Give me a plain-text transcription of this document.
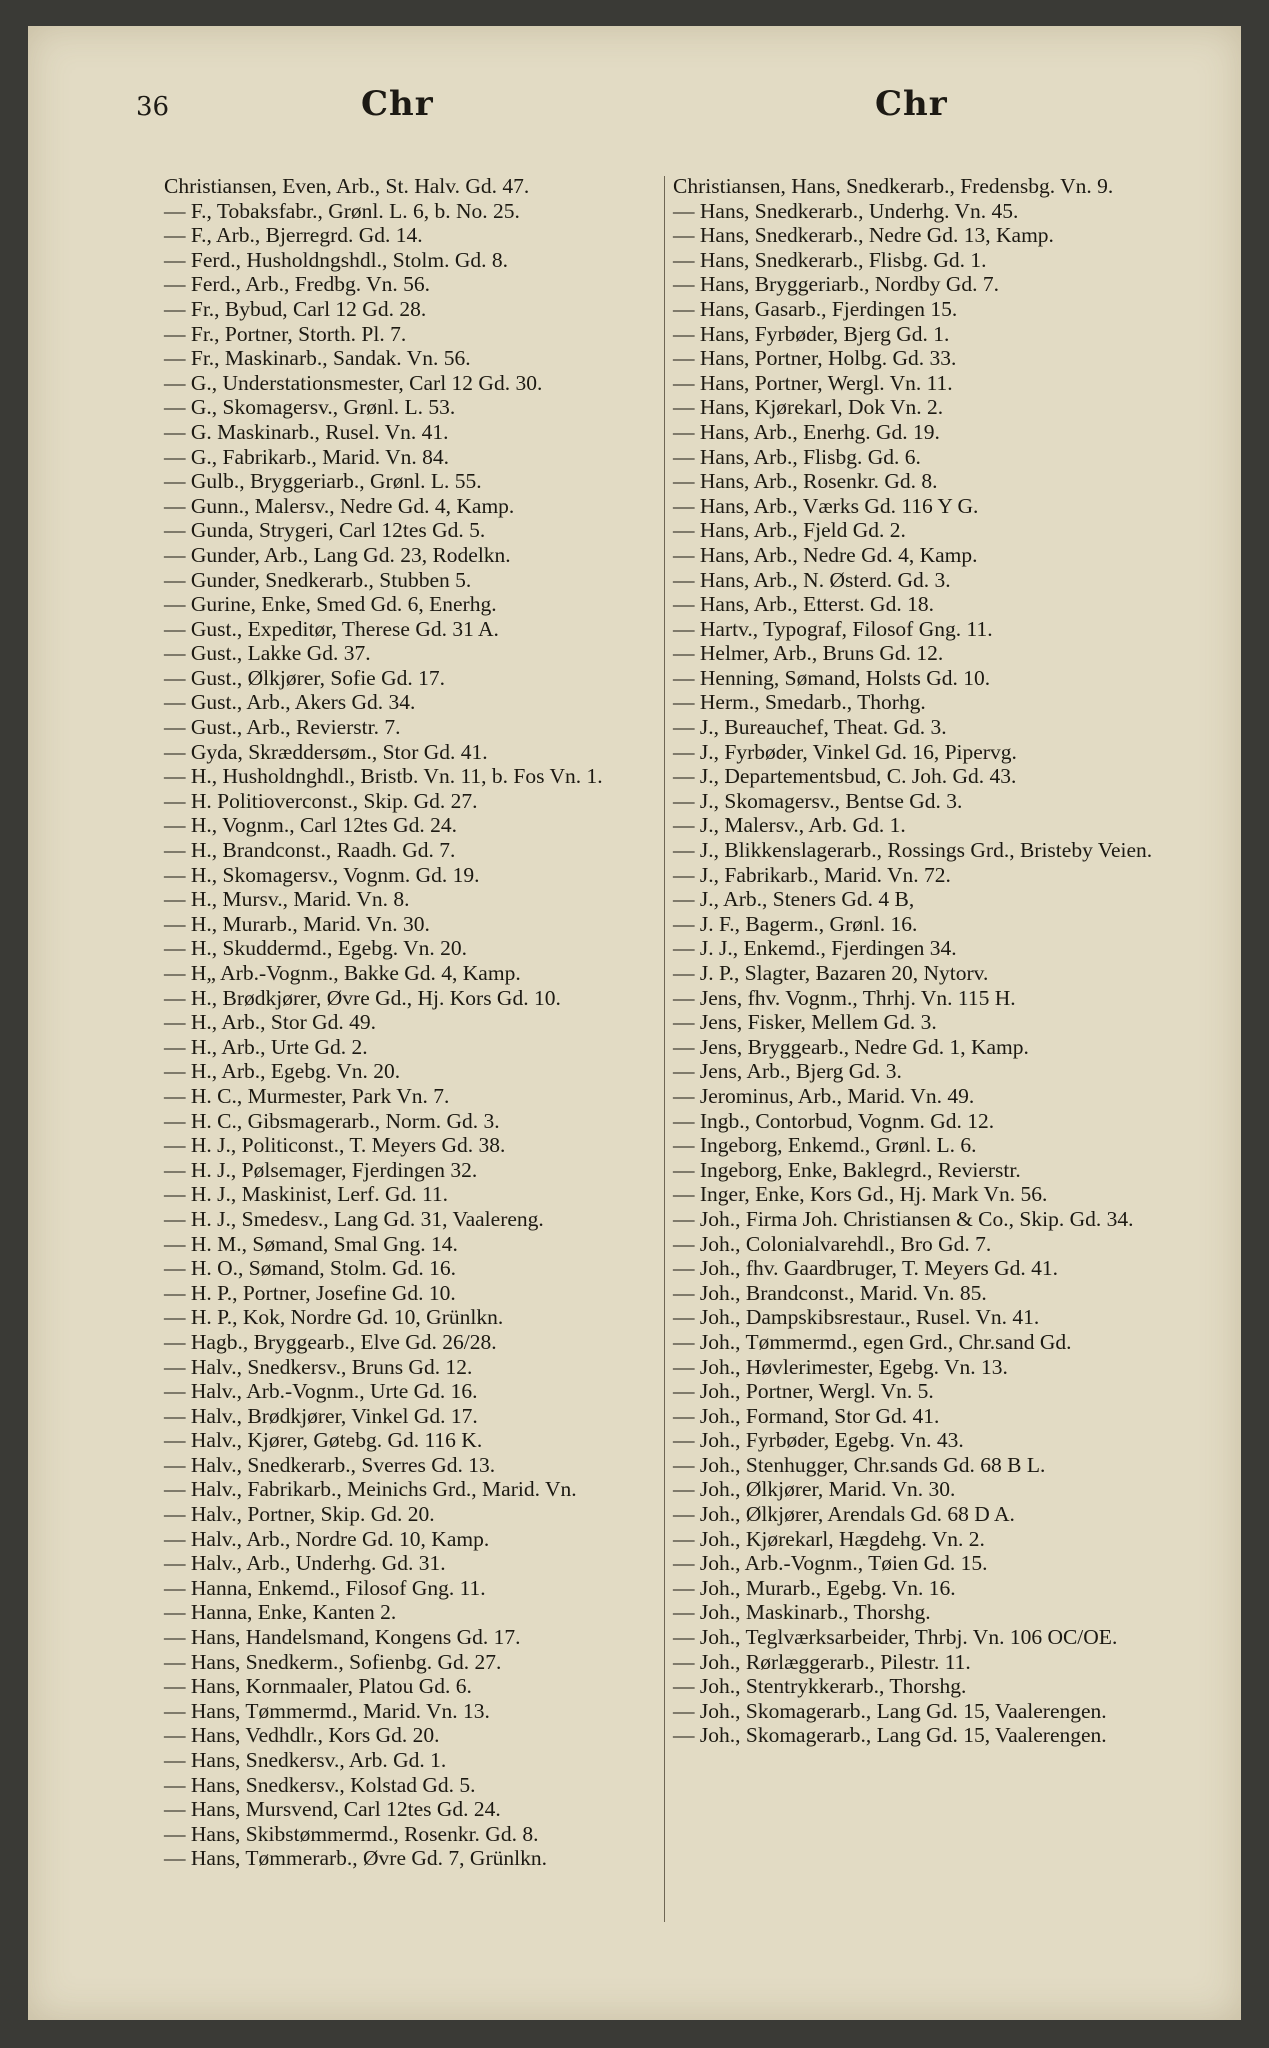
36	Chr	Chr

Christiansen, Even, Arb., St. Halv. Gd. 47.

— F., Tobaksfabr., Grønl. L. 6, b. No. 25.

— F., Arb., Bjerregrd. Gd. 14.

— Ferd., Husholdngshdl., Stolm. Gd. 8.

— Ferd., Arb., Fredbg. Vn. 56.

— Fr., Bybud, Carl 12 Gd. 28.

— Fr., Portner, Storth. Pl. 7.

— Fr., Maskinarb., Sandak. Vn. 56.

— G., Understationsmester, Carl 12 Gd. 30.

— G., Skomagersv., Grønl. L. 53.

— G. Maskinarb., Rusel. Vn. 41.

— G., Fabrikarb., Marid. Vn. 84.

— Gulb., Bryggeriarb., Grønl. L. 55.

— Gunn., Malersv., Nedre Gd. 4, Kamp.

— Gunda, Strygeri, Carl 12tes Gd. 5.

— Gunder, Arb., Lang Gd. 23, Rodelkn.

— Gunder, Snedkerarb., Stubben 5.

— Gurine, Enke, Smed Gd. 6, Enerhg.

— Gust., Expeditør, Therese Gd. 31 A.

— Gust., Lakke Gd. 37.

— Gust., Ølkjører, Sofie Gd. 17.

— Gust., Arb., Akers Gd. 34.

— Gust., Arb., Revierstr. 7.

— Gyda, Skræddersøm., Stor Gd. 41.

— H., Husholdnghdl., Bristb. Vn. 11, b. Fos Vn. 1.

— H. Politioverconst., Skip. Gd. 27.

— H., Vognm., Carl 12tes Gd. 24.

— H., Brandconst., Raadh. Gd. 7.

— H., Skomagersv., Vognm. Gd. 19.

— H., Mursv., Marid. Vn. 8.

— H., Murarb., Marid. Vn. 30.

— H., Skuddermd., Egebg. Vn. 20.

— H„ Arb.-Vognm., Bakke Gd. 4, Kamp.

— H., Brødkjører, Øvre Gd., Hj. Kors Gd. 10.

— H., Arb., Stor Gd. 49.

— H., Arb., Urte Gd. 2.

— H., Arb., Egebg. Vn. 20.

— H. C., Murmester, Park Vn. 7.

— H. C., Gibsmagerarb., Norm. Gd. 3.

— H. J., Politiconst., T. Meyers Gd. 38.

— H. J., Pølsemager, Fjerdingen 32.

— H. J., Maskinist, Lerf. Gd. 11.

— H. J., Smedesv., Lang Gd. 31, Vaalereng.

— H. M., Sømand, Smal Gng. 14.

— H. O., Sømand, Stolm. Gd. 16.

— H. P., Portner, Josefine Gd. 10.

— H. P., Kok, Nordre Gd. 10, Grünlkn.

— Hagb., Bryggearb., Elve Gd. 26/28.

— Halv., Snedkersv., Bruns Gd. 12.

— Halv., Arb.-Vognm., Urte Gd. 16.

— Halv., Brødkjører, Vinkel Gd. 17.

— Halv., Kjører, Gøtebg. Gd. 116 K.

— Halv., Snedkerarb., Sverres Gd. 13.

— Halv., Fabrikarb., Meinichs Grd., Marid. Vn.

— Halv., Portner, Skip. Gd. 20.

— Halv., Arb., Nordre Gd. 10, Kamp.

— Halv., Arb., Underhg. Gd. 31.

— Hanna, Enkemd., Filosof Gng. 11.

— Hanna, Enke, Kanten 2.

— Hans, Handelsmand, Kongens Gd. 17.

— Hans, Snedkerm., Sofienbg. Gd. 27.

— Hans, Kornmaaler, Platou Gd. 6.

— Hans, Tømmermd., Marid. Vn. 13.

— Hans, Vedhdlr., Kors Gd. 20.

— Hans, Snedkersv., Arb. Gd. 1.

— Hans, Snedkersv., Kolstad Gd. 5.

— Hans, Mursvend, Carl 12tes Gd. 24.

— Hans, Skibstømmermd., Rosenkr. Gd. 8.

— Hans, Tømmerarb., Øvre Gd. 7, Grünlkn.

Christiansen, Hans, Snedkerarb., Fredensbg. Vn. 9.

— Hans, Snedkerarb., Underhg. Vn. 45.

— Hans, Snedkerarb., Nedre Gd. 13, Kamp.

— Hans, Snedkerarb., Flisbg. Gd. 1.

— Hans, Bryggeriarb., Nordby Gd. 7.

— Hans, Gasarb., Fjerdingen 15.

— Hans, Fyrbøder, Bjerg Gd. 1.

— Hans, Portner, Holbg. Gd. 33.

— Hans, Portner, Wergl. Vn. 11.

— Hans, Kjørekarl, Dok Vn. 2.

— Hans, Arb., Enerhg. Gd. 19.

— Hans, Arb., Flisbg. Gd. 6.

— Hans, Arb., Rosenkr. Gd. 8.

— Hans, Arb., Værks Gd. 116 Y G.

— Hans, Arb., Fjeld Gd. 2.

— Hans, Arb., Nedre Gd. 4, Kamp.

— Hans, Arb., N. Østerd. Gd. 3.

— Hans, Arb., Etterst. Gd. 18.

— Hartv., Typograf, Filosof Gng. 11.

— Helmer, Arb., Bruns Gd. 12.

— Henning, Sømand, Holsts Gd. 10.

— Herm., Smedarb., Thorhg.

— J., Bureauchef, Theat. Gd. 3.

— J., Fyrbøder, Vinkel Gd. 16, Pipervg.

— J., Departementsbud, C. Joh. Gd. 43.

— J., Skomagersv., Bentse Gd. 3.

— J., Malersv., Arb. Gd. 1.

— J., Blikkenslagerarb., Rossings Grd., Bristeby Veien.

— J., Fabrikarb., Marid. Vn. 72.

— J., Arb., Steners Gd. 4 B,

— J. F., Bagerm., Grønl. 16.

— J. J., Enkemd., Fjerdingen 34.

— J. P., Slagter, Bazaren 20, Nytorv.

— Jens, fhv. Vognm., Thrhj. Vn. 115 H.

— Jens, Fisker, Mellem Gd. 3.

— Jens, Bryggearb., Nedre Gd. 1, Kamp.

— Jens, Arb., Bjerg Gd. 3.

— Jerominus, Arb., Marid. Vn. 49.

— Ingb., Contorbud, Vognm. Gd. 12.

— Ingeborg, Enkemd., Grønl. L. 6.

— Ingeborg, Enke, Baklegrd., Revierstr.

— Inger, Enke, Kors Gd., Hj. Mark Vn. 56.

— Joh., Firma Joh. Christiansen & Co., Skip. Gd. 34.

— Joh., Colonialvarehdl., Bro Gd. 7.

— Joh., fhv. Gaardbruger, T. Meyers Gd. 41.

— Joh., Brandconst., Marid. Vn. 85.

— Joh., Dampskibsrestaur., Rusel. Vn. 41.

— Joh., Tømmermd., egen Grd., Chr.sand Gd.

— Joh., Høvlerimester, Egebg. Vn. 13.

— Joh., Portner, Wergl. Vn. 5.

— Joh., Formand, Stor Gd. 41.

— Joh., Fyrbøder, Egebg. Vn. 43.

— Joh., Stenhugger, Chr.sands Gd. 68 B L.

— Joh., Ølkjører, Marid. Vn. 30.

— Joh., Ølkjører, Arendals Gd. 68 D A.

— Joh., Kjørekarl, Hægdehg. Vn. 2.

— Joh., Arb.-Vognm., Tøien Gd. 15.

— Joh., Murarb., Egebg. Vn. 16.

— Joh., Maskinarb., Thorshg.

— Joh., Teglværksarbeider, Thrbj. Vn. 106 OC/OE.

— Joh., Rørlæggerarb., Pilestr. 11.

— Joh., Stentrykkerarb., Thorshg.

— Joh., Skomagerarb., Lang Gd. 15, Vaalerengen.

— Joh., Skomagerarb., Lang Gd. 15, Vaalerengen.
